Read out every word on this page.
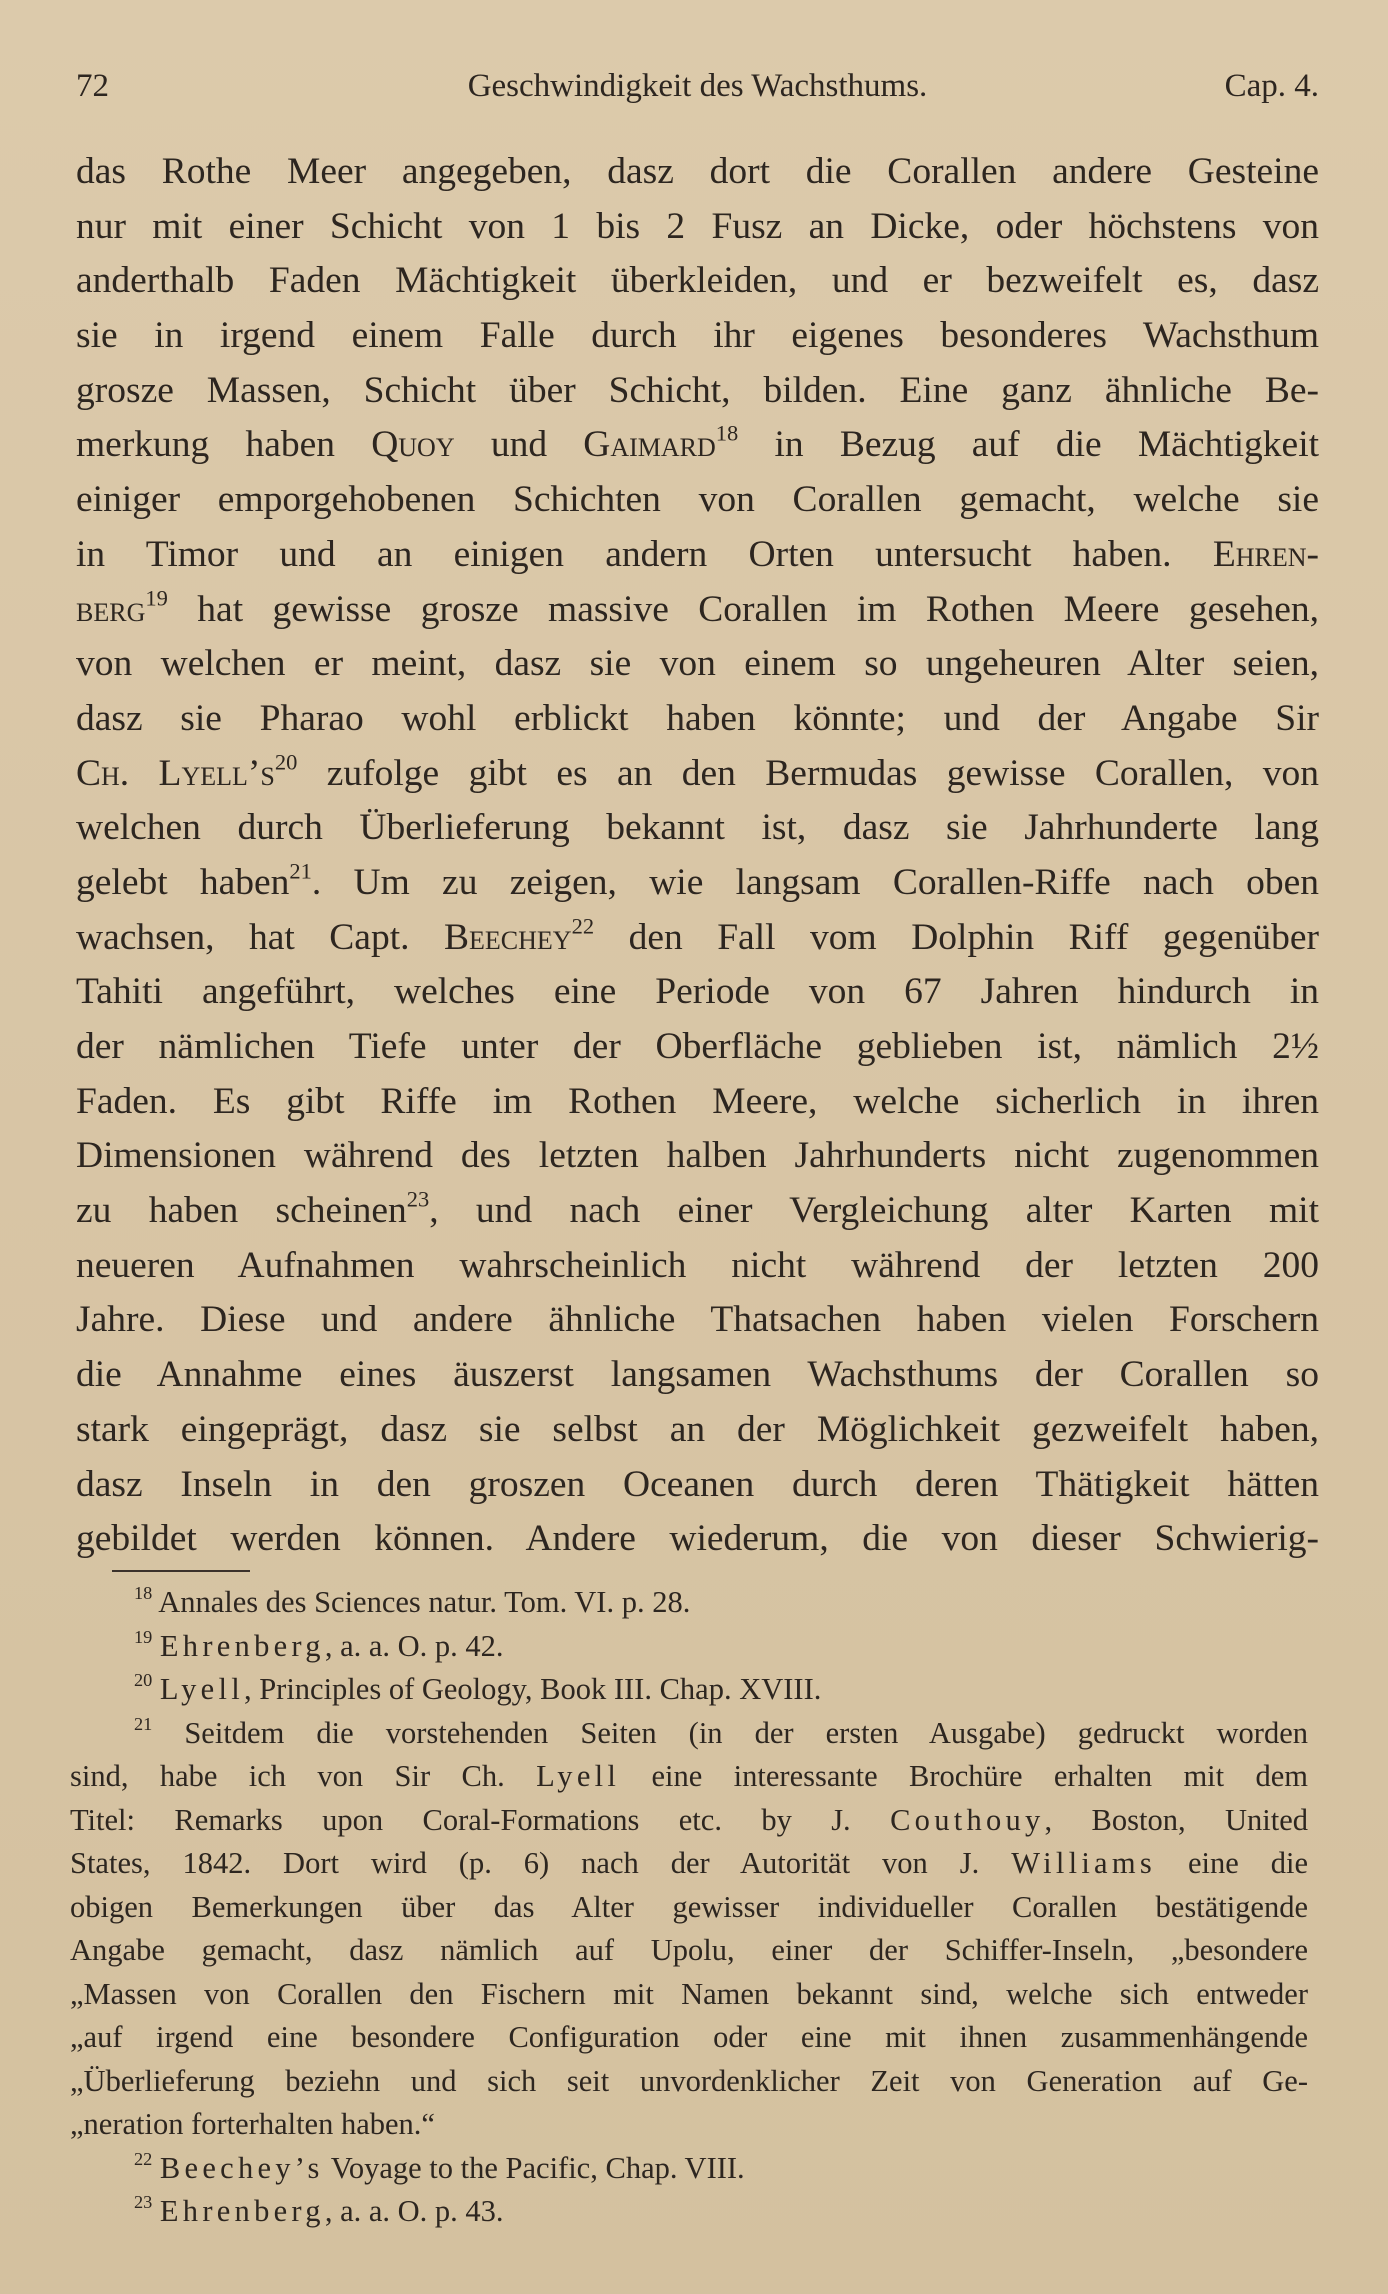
72	Geschwindigkeit des Wachsthums.	Cap. 4.
das Rothe Meer angegeben, dasz dort die Corallen andere Gesteine
nur mit einer Schicht von 1 bis 2 Fusz an Dicke, oder höchstens von
anderthalb Faden Mächtigkeit überkleiden, und er bezweifelt es, dasz
sie in irgend einem Falle durch ihr eigenes besonderes Wachsthum
grosze Massen, Schicht über Schicht, bilden. Eine ganz ähnliche Be-
merkung haben Quoy und Gaimard$^{18}$ in Bezug auf die Mächtigkeit
einiger emporgehobenen Schichten von Corallen gemacht, welche sie
in Timor und an einigen andern Orten untersucht haben. Ehren-
berg$^{19}$ hat gewisse grosze massive Corallen im Rothen Meere gesehen,
von welchen er meint, dasz sie von einem so ungeheuren Alter seien,
dasz sie Pharao wohl erblickt haben könnte; und der Angabe Sir
Ch. $Lyell’s^{20}$ zufolge gibt es an den Bermudas gewisse Corallen, von
welchen durch Überlieferung bekannt ist, dasz sie Jahrhunderte lang
gelebt haben$^{21}$. Um zu zeigen, wie langsam Corallen-Riffe nach oben
wachsen, hat Capt. Beechey$^{22}$ den Fall vom Dolphin Riff gegenüber
Tahiti angeführt, welches eine Periode von 67 Jahren hindurch in
der nämlichen Tiefe unter der Oberfläche geblieben ist, nämlich 2½
Faden. Es gibt Riffe im Rothen Meere, welche sicherlich in ihren
Dimensionen während des letzten halben Jahrhunderts nicht zugenommen
zu haben scheinen$^{23}$, und nach einer Vergleichung alter Karten mit
neueren Aufnahmen wahrscheinlich nicht während der letzten 200
Jahre. Diese und andere ähnliche Thatsachen haben vielen Forschern
die Annahme eines äuszerst langsamen Wachsthums der Corallen so
stark eingeprägt, dasz sie selbst an der Möglichkeit gezweifelt haben,
dasz Inseln in den groszen Oceanen durch deren Thätigkeit hätten
gebildet werden können. Andere wiederum, die von dieser Schwierig-
$^{18}$ Annales des Sciences natur. Tom. VI. p. 28.
$^{19}$ Ehrenberg, a. a. O. p. 42.
$^{20}$ Lyell, Principles of Geology, Book III. Chap. XVIII.
$^{21}$ Seitdem die vorstehenden Seiten (in der ersten Ausgabe) gedruckt worden
sind, habe ich von Sir Ch. Lyell eine interessante Brochüre erhalten mit dem
Titel: Remarks upon Coral-Formations etc. by J. Couthouy, Boston, United
States, 1842. Dort wird (p. 6) nach der Autorität von J. Williams eine die
obigen Bemerkungen über das Alter gewisser individueller Corallen bestätigende
Angabe gemacht, dasz nämlich auf Upolu, einer der Schiffer-Inseln, „besondere
„Massen von Corallen den Fischern mit Namen bekannt sind, welche sich entweder
„auf irgend eine besondere Configuration oder eine mit ihnen zusammenhängende
„Überlieferung beziehn und sich seit unvordenklicher Zeit von Generation auf Ge-
„neration forterhalten haben.“
$^{22}$ Beechey’s Voyage to the Pacific, Chap. VIII.
$^{23}$ Ehrenberg, a. a. O. p. 43.
